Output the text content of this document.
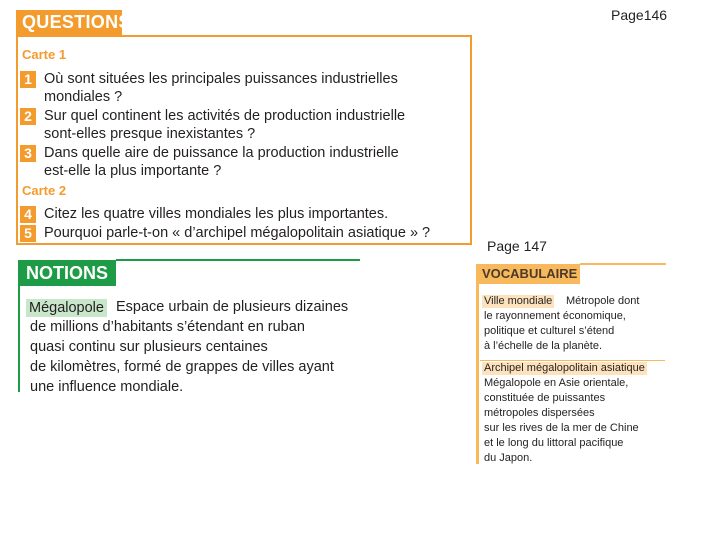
Page146
Page 147
QUESTIONS
Carte 1
1 Où sont situées les principales puissances industrielles
mondiales ?
2 Sur quel continent les activités de production industrielle
sont-elles presque inexistantes ?
3 Dans quelle aire de puissance la production industrielle
est-elle la plus importante ?
Carte 2
4 Citez les quatre villes mondiales les plus importantes.
5 Pourquoi parle-t-on « d’archipel mégalopolitain asiatique » ?
NOTIONS
Mégalopole Espace urbain de plusieurs dizaines
de millions d’habitants s’étendant en ruban
quasi continu sur plusieurs centaines
de kilomètres, formé de grappes de villes ayant
une influence mondiale.
VOCABULAIRE
Ville mondiale Métropole dont
le rayonnement économique,
politique et culturel s’étend
à l’échelle de la planète.
Archipel mégalopolitain asiatique
Mégalopole en Asie orientale,
constituée de puissantes
métropoles dispersées
sur les rives de la mer de Chine
et le long du littoral pacifique
du Japon.
